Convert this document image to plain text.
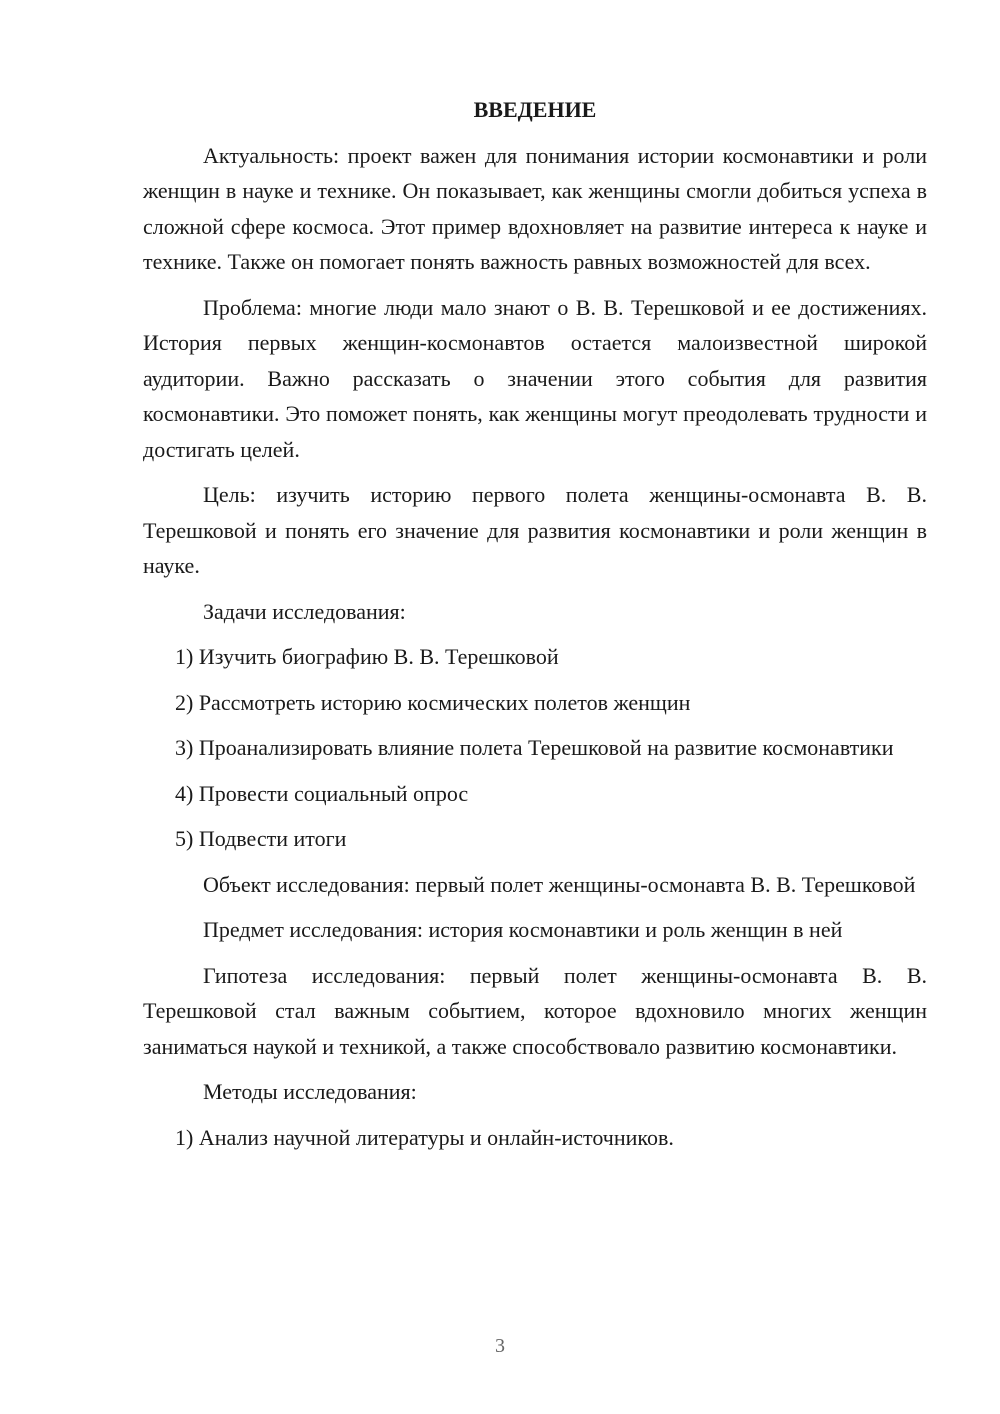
ВВЕДЕНИЕ

Актуальность: проект важен для понимания истории космонавтики и роли женщин в науке и технике. Он показывает, как женщины смогли добиться успеха в сложной сфере космоса. Этот пример вдохновляет на развитие интереса к науке и технике. Также он помогает понять важность равных возможностей для всех.

Проблема: многие люди мало знают о В. В. Терешковой и ее достижениях. История первых женщин-космонавтов остается малоизвестной широкой аудитории. Важно рассказать о значении этого события для развития космонавтики. Это поможет понять, как женщины могут преодолевать трудности и достигать целей.

Цель: изучить историю первого полета женщины-осмонавта В. В. Терешковой и понять его значение для развития космонавтики и роли женщин в науке.

Задачи исследования:

1) Изучить биографию В. В. Терешковой

2) Рассмотреть историю космических полетов женщин

3) Проанализировать влияние полета Терешковой на развитие космонавтики

4) Провести социальный опрос

5) Подвести итоги

Объект исследования: первый полет женщины-осмонавта В. В. Терешковой

Предмет исследования: история космонавтики и роль женщин в ней

Гипотеза исследования: первый полет женщины-осмонавта В. В. Терешковой стал важным событием, которое вдохновило многих женщин заниматься наукой и техникой, а также способствовало развитию космонавтики.

Методы исследования:

1) Анализ научной литературы и онлайн-источников.

3
